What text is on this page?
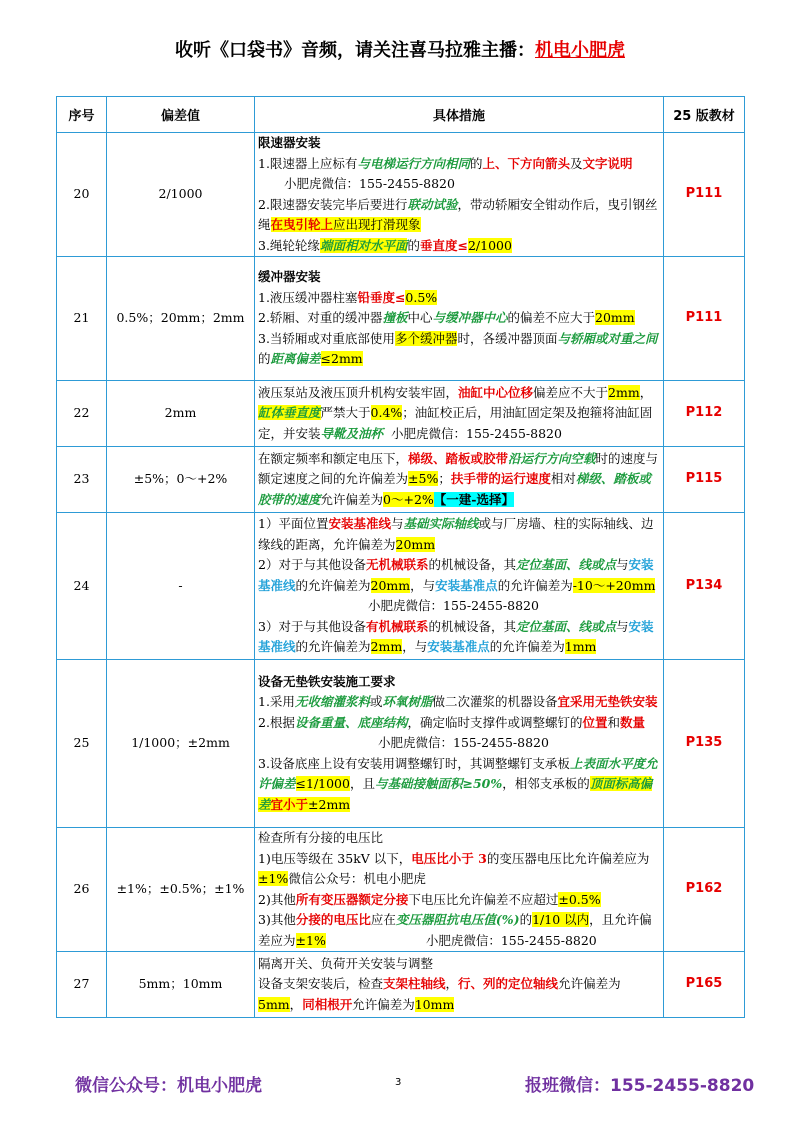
收听《口袋书》音频，请关注喜马拉雅主播：机电小肥虎
序号	偏差值	具体措施	25 版教材
20	2/1000	限速器安装
1.限速器上应标有与电梯运行方向相同的上、下方向箭头及文字说明小肥虎微信：155-2455-8820
2.限速器安装完毕后要进行联动试验，带动轿厢安全钳动作后，曳引钢丝绳在曳引轮上应出现打滑现象
3.绳轮轮缘端面相对水平面的垂直度≤2/1000	P111
21	0.5%；20mm；2mm	缓冲器安装
1.液压缓冲器柱塞铅垂度≤0.5%
2.轿厢、对重的缓冲器撞板中心与缓冲器中心的偏差不应大于20mm
3.当轿厢或对重底部使用多个缓冲器时，各缓冲器顶面与轿厢或对重之间的距离偏差≤2mm	P111
22	2mm	液压泵站及液压顶升机构安装牢固，油缸中心位移偏差应不大于2mm，缸体垂直度严禁大于0.4%；油缸校正后，用油缸固定架及抱箍将油缸固定，并安装导靴及油杯 小肥虎微信：155-2455-8820	P112
23	±5%；0～+2%	在额定频率和额定电压下，梯级、踏板或胶带沿运行方向空载时的速度与额定速度之间的允许偏差为±5%；扶手带的运行速度相对梯级、踏板或胶带的速度允许偏差为0～+2%【一建-选择】	P115
24	-	1）平面位置安装基准线与基础实际轴线或与厂房墙、柱的实际轴线、边缘线的距离，允许偏差为20mm
2）对于与其他设备无机械联系的机械设备，其定位基面、线或点与安装基准线的允许偏差为20mm，与安装基准点的允许偏差为-10～+20mm小肥虎微信：155-2455-8820
3）对于与其他设备有机械联系的机械设备，其定位基面、线或点与安装基准线的允许偏差为2mm，与安装基准点的允许偏差为1mm	P134
25	1/1000；±2mm	设备无垫铁安装施工要求
1.采用无收缩灌浆料或环氧树脂做二次灌浆的机器设备宜采用无垫铁安装
2.根据设备重量、底座结构，确定临时支撑件或调整螺钉的位置和数量小肥虎微信：155-2455-8820
3.设备底座上设有安装用调整螺钉时，其调整螺钉支承板上表面水平度允许偏差≤1/1000，且与基础接触面积≥50%，相邻支承板的顶面标高偏差宜小于±2mm	P135
26	±1%；±0.5%；±1%	检查所有分接的电压比
1)电压等级在 35kV 以下，电压比小于 3的变压器电压比允许偏差应为±1%微信公众号：机电小肥虎
2)其他所有变压器额定分接下电压比允许偏差不应超过±0.5%
3)其他分接的电压比应在变压器阻抗电压值(%)的1/10 以内，且允许偏差应为±1% 小肥虎微信：155-2455-8820	P162
27	5mm；10mm	隔离开关、负荷开关安装与调整
设备支架安装后，检查支架柱轴线，行、列的定位轴线允许偏差为5mm，同相根开允许偏差为10mm	P165
微信公众号：机电小肥虎	3	报班微信：155-2455-8820
